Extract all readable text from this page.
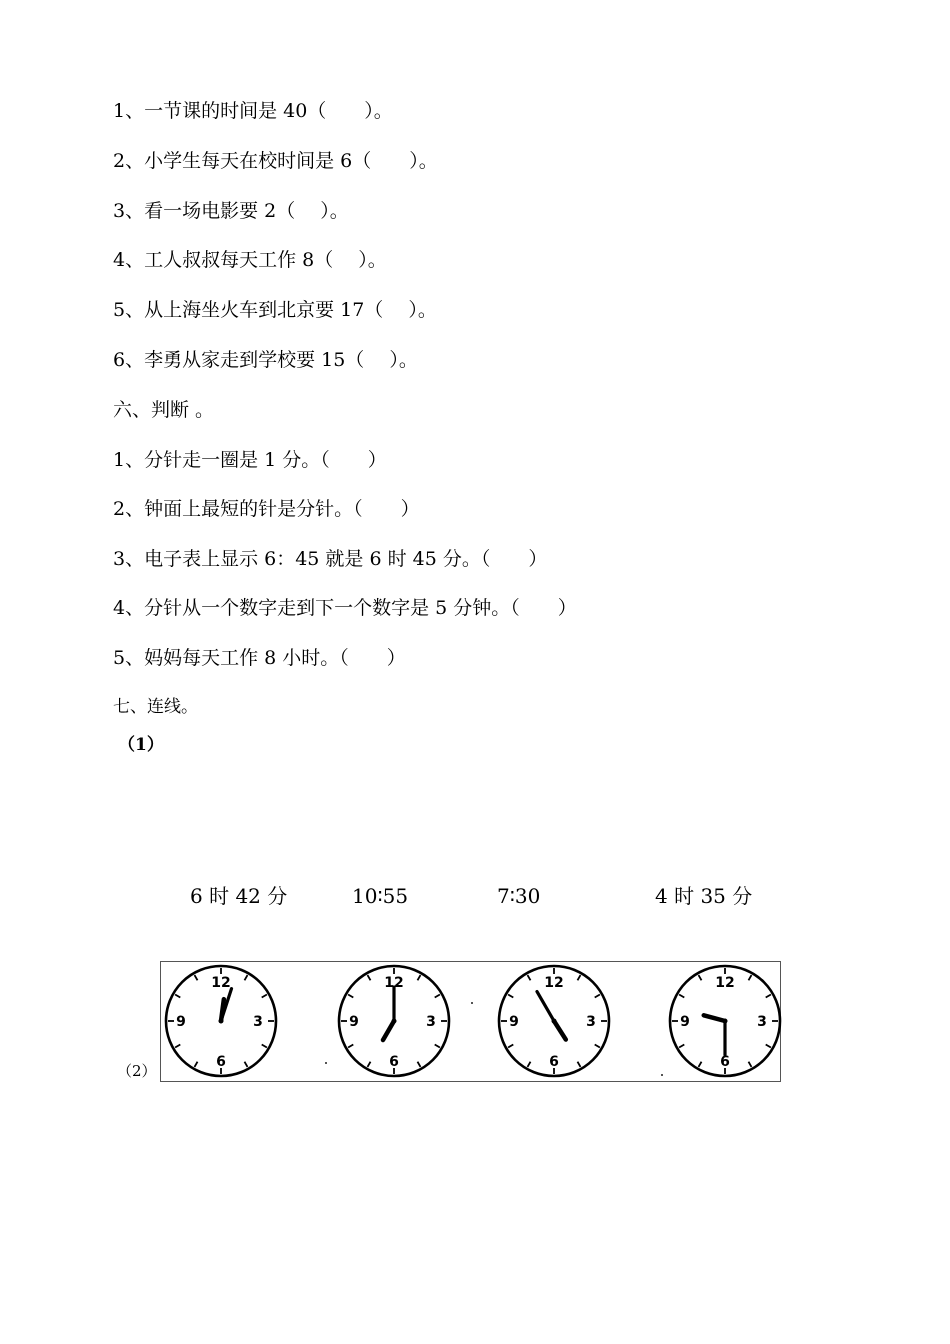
1、一节课的时间是 40（　　）。
2、小学生每天在校时间是 6（　　）。
3、看一场电影要 2（　 ）。
4、工人叔叔每天工作 8（　 ）。
5、从上海坐火车到北京要 17（　 ）。
6、李勇从家走到学校要 15（　 ）。
六、判断 。
1、分针走一圈是 1 分。（　　）
2、钟面上最短的针是分针。（　　）
3、电子表上显示 6：45 就是 6 时 45 分。（　　）
4、分针从一个数字走到下一个数字是 5 分钟。（　　）
5、妈妈每天工作 8 小时。（　　）
七、连线。
（1）
6 时 42 分	10∶55	7∶30	4 时 35 分
（2）
12
3
6
9
12
3
6
9
12
3
6
9
12
3
6
9
